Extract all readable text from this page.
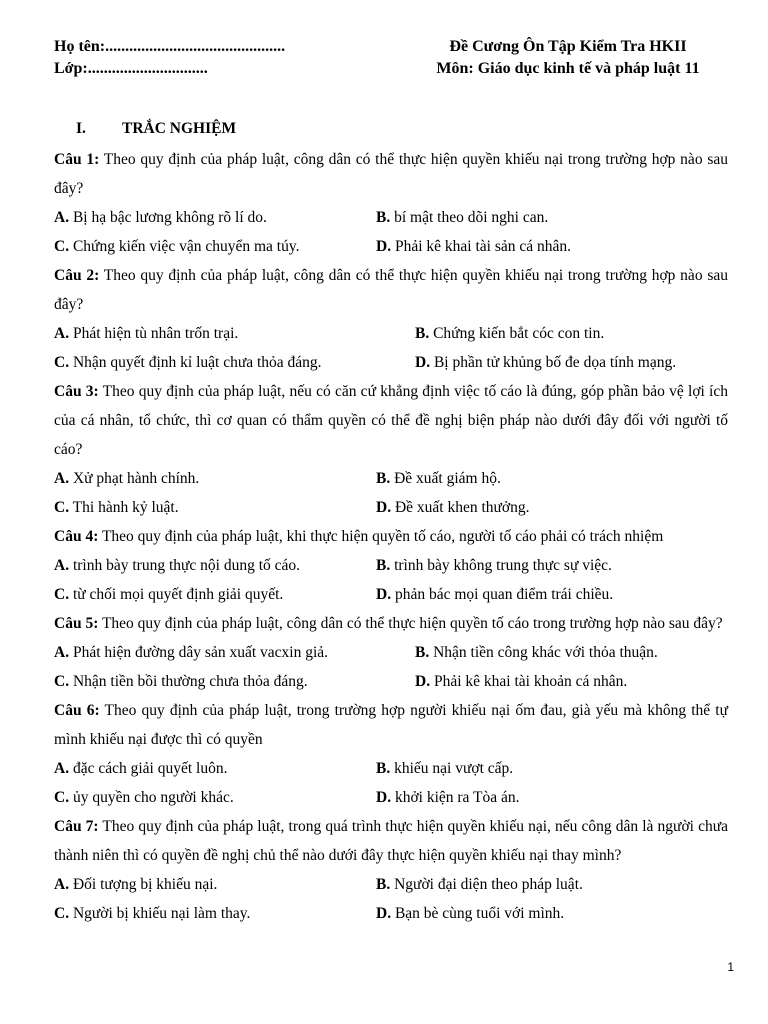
Họ tên:.............................................
Lớp:..............................
Đề Cương Ôn Tập Kiểm Tra HKII
Môn: Giáo dục kinh tế và pháp luật 11
I. TRẮC NGHIỆM
Câu 1: Theo quy định của pháp luật, công dân có thể thực hiện quyền khiếu nại trong trường hợp nào sau đây?
A. Bị hạ bậc lương không rõ lí do.	B. bí mật theo dõi nghi can.
C. Chứng kiến việc vận chuyển ma túy.	D. Phải kê khai tài sản cá nhân.
Câu 2: Theo quy định của pháp luật, công dân có thể thực hiện quyền khiếu nại trong trường hợp nào sau đây?
A. Phát hiện tù nhân trốn trại.	B. Chứng kiến bắt cóc con tin.
C. Nhận quyết định kỉ luật chưa thỏa đáng.	D. Bị phần tử khủng bố đe dọa tính mạng.
Câu 3: Theo quy định của pháp luật, nếu có căn cứ khẳng định việc tố cáo là đúng, góp phần bảo vệ lợi ích của cá nhân, tổ chức, thì cơ quan có thẩm quyền có thể đề nghị biện pháp nào dưới đây đối với người tố cáo?
A. Xử phạt hành chính.	B. Đề xuất giám hộ.
C. Thi hành kỷ luật.	D. Đề xuất khen thưởng.
Câu 4: Theo quy định của pháp luật, khi thực hiện quyền tố cáo, người tố cáo phải có trách nhiệm
A. trình bày trung thực nội dung tố cáo.	B. trình bày không trung thực sự việc.
C. từ chối mọi quyết định giải quyết.	D. phản bác mọi quan điểm trái chiều.
Câu 5: Theo quy định của pháp luật, công dân có thể thực hiện quyền tố cáo trong trường hợp nào sau đây?
A. Phát hiện đường dây sản xuất vacxin giả.	B. Nhận tiền công khác với thỏa thuận.
C. Nhận tiền bồi thường chưa thỏa đáng.	D. Phải kê khai tài khoản cá nhân.
Câu 6: Theo quy định của pháp luật, trong trường hợp người khiếu nại ốm đau, già yếu mà không thể tự mình khiếu nại được thì có quyền
A. đặc cách giải quyết luôn.	B. khiếu nại vượt cấp.
C. ủy quyền cho người khác.	D. khởi kiện ra Tòa án.
Câu 7: Theo quy định của pháp luật, trong quá trình thực hiện quyền khiếu nại, nếu công dân là người chưa thành niên thì có quyền đề nghị chủ thể nào dưới đây thực hiện quyền khiếu nại thay mình?
A. Đối tượng bị khiếu nại.	B. Người đại diện theo pháp luật.
C. Người bị khiếu nại làm thay.	D. Bạn bè cùng tuổi với mình.
1
